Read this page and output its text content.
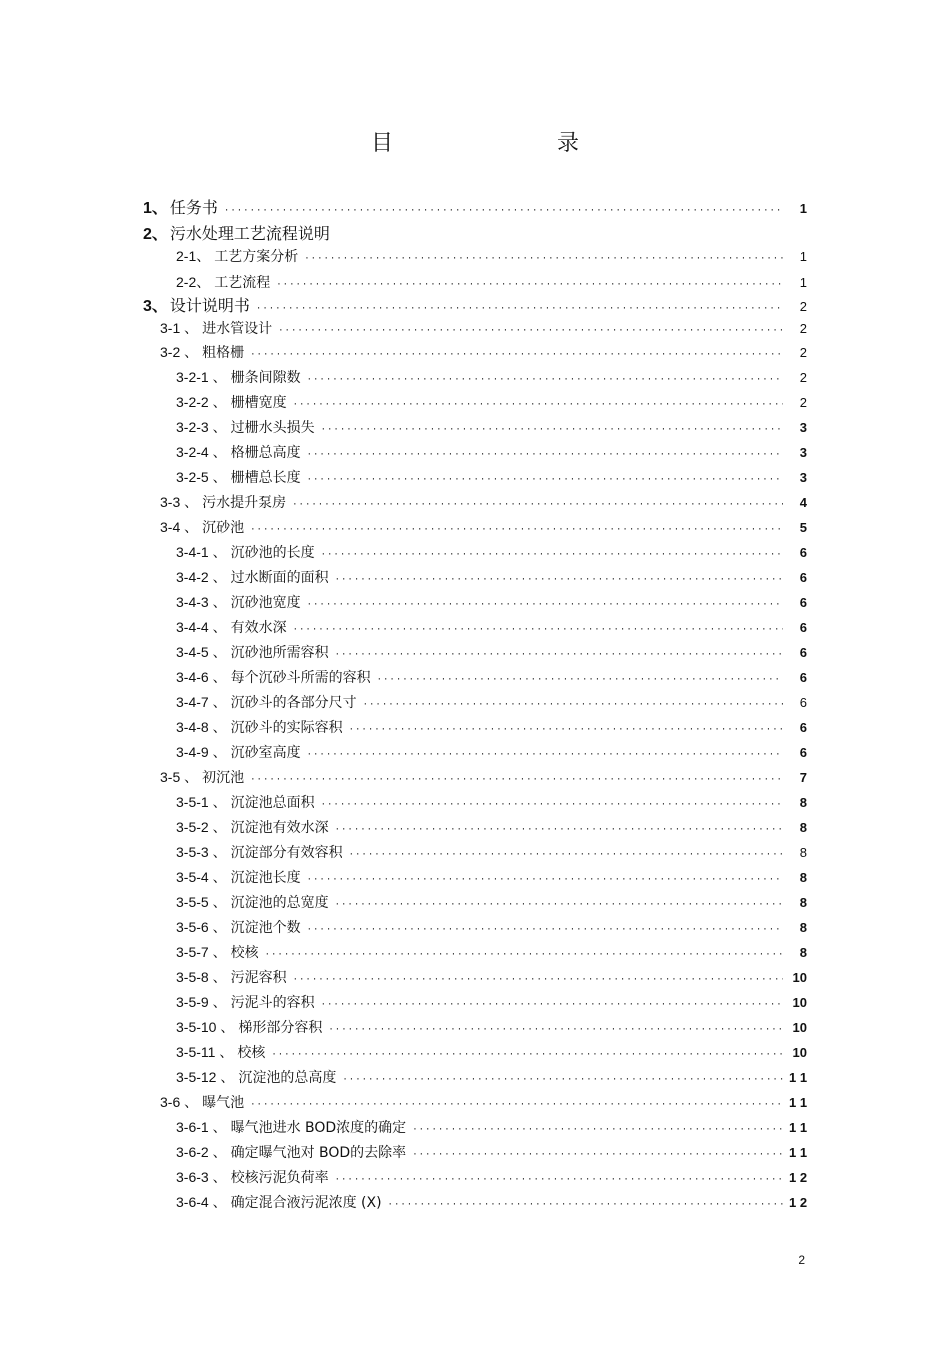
目　　录
1、 任务书 ·····	1
2、 污水处理工艺流程说明
2-1、 工艺方案分析 ·····	1
2-2、 工艺流程 ·····	1
3、 设计说明书 ·····	2
3-1 、 进水管设计 ·····	2
3-2 、 粗格栅 ·····	2
3-2-1 、 栅条间隙数 ·····	2
3-2-2 、 栅槽宽度 ·····	2
3-2-3 、 过栅水头损失 ·····	3
3-2-4 、 格栅总高度 ·····	3
3-2-5 、 栅槽总长度 ·····	3
3-3 、 污水提升泵房 ·····	4
3-4 、 沉砂池 ·····	5
3-4-1 、 沉砂池的长度 ·····	6
3-4-2 、 过水断面的面积 ·····	6
3-4-3 、 沉砂池宽度 ·····	6
3-4-4 、 有效水深 ·····	6
3-4-5 、 沉砂池所需容积 ·····	6
3-4-6 、 每个沉砂斗所需的容积 ·····	6
3-4-7 、 沉砂斗的各部分尺寸 ·····	6
3-4-8 、 沉砂斗的实际容积 ·····	6
3-4-9 、 沉砂室高度 ·····	6
3-5 、 初沉池 ·····	7
3-5-1 、 沉淀池总面积 ·····	8
3-5-2 、 沉淀池有效水深 ·····	8
3-5-3 、 沉淀部分有效容积 ·····	8
3-5-4 、 沉淀池长度 ·····	8
3-5-5 、 沉淀池的总宽度 ·····	8
3-5-6 、 沉淀池个数 ·····	8
3-5-7 、 校核 ·····	8
3-5-8 、 污泥容积 ·····	10
3-5-9 、 污泥斗的容积 ·····	10
3-5-10 、 梯形部分容积 ·····	10
3-5-11 、 校核 ·····	10
3-5-12 、 沉淀池的总高度 ·····	1 1
3-6 、 曝气池 ·····	1 1
3-6-1 、 曝气池进水 BOD浓度的确定 ·····	1 1
3-6-2 、 确定曝气池对 BOD的去除率 ·····	1 1
3-6-3 、 校核污泥负荷率 ·····	1 2
3-6-4 、 确定混合液污泥浓度 (X) ·····	1 2
2
